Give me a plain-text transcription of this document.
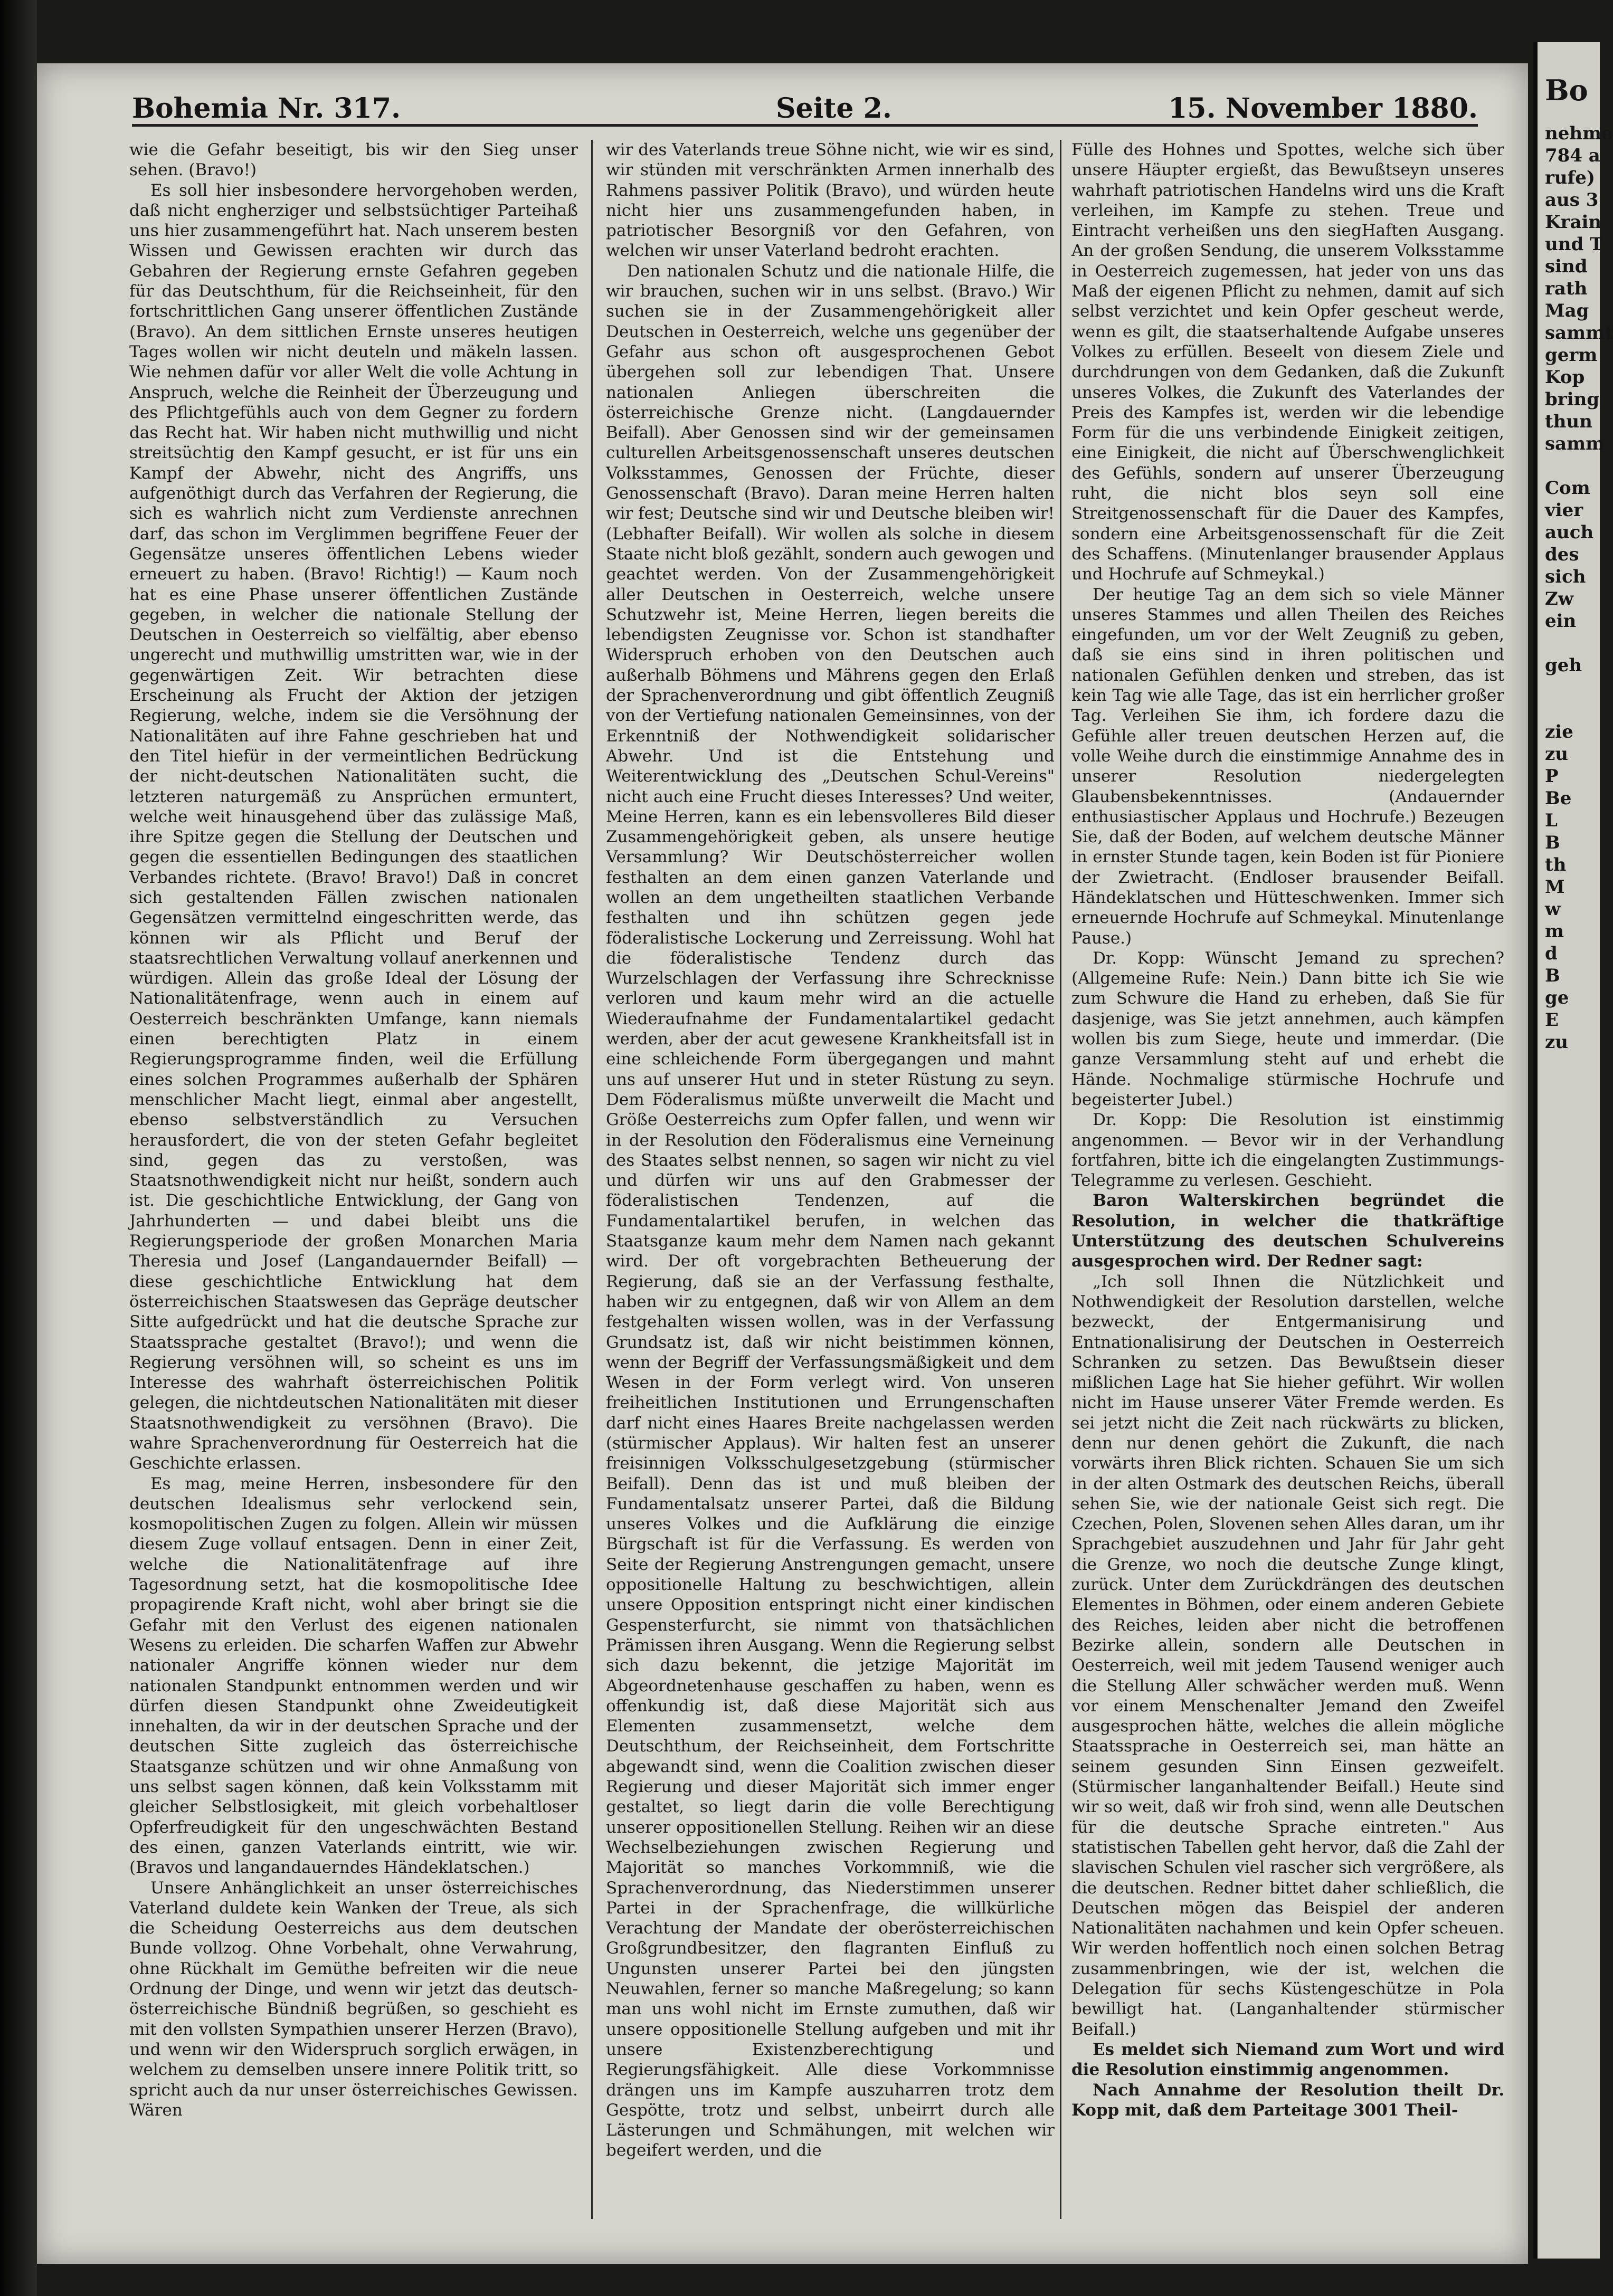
Bohemia Nr. 317.	Seite 2.	15. November 1880.

wie die Gefahr beseitigt, bis wir den Sieg unser sehen. (Bravo!)

Es soll hier insbesondere hervorgehoben werden, daß nicht engherziger und selbstsüchtiger Parteihaß uns hier zusammengeführt hat. Nach unserem besten Wissen und Gewissen erachten wir durch das Gebahren der Regierung ernste Gefahren gegeben für das Deutschthum, für die Reichseinheit, für den fortschrittlichen Gang unserer öffentlichen Zustände (Bravo). An dem sittlichen Ernste unseres heutigen Tages wollen wir nicht deuteln und mäkeln lassen. Wie nehmen dafür vor aller Welt die volle Achtung in Anspruch, welche die Reinheit der Überzeugung und des Pflichtgefühls auch von dem Gegner zu fordern das Recht hat. Wir haben nicht muthwillig und nicht streitsüchtig den Kampf gesucht, er ist für uns ein Kampf der Abwehr, nicht des Angriffs, uns aufgenöthigt durch das Verfahren der Regierung, die sich es wahrlich nicht zum Verdienste anrechnen darf, das schon im Verglimmen begriffene Feuer der Gegensätze unseres öffentlichen Lebens wieder erneuert zu haben. (Bravo! Richtig!) — Kaum noch hat es eine Phase unserer öffentlichen Zustände gegeben, in welcher die nationale Stellung der Deutschen in Oesterreich so vielfältig, aber ebenso ungerecht und muthwillig umstritten war, wie in der gegenwärtigen Zeit. Wir betrachten diese Erscheinung als Frucht der Aktion der jetzigen Regierung, welche, indem sie die Versöhnung der Nationalitäten auf ihre Fahne geschrieben hat und den Titel hiefür in der vermeintlichen Bedrückung der nicht-deutschen Nationalitäten sucht, die letzteren naturgemäß zu Ansprüchen ermuntert, welche weit hinausgehend über das zulässige Maß, ihre Spitze gegen die Stellung der Deutschen und gegen die essentiellen Bedingungen des staatlichen Verbandes richtete. (Bravo! Bravo!) Daß in concret sich gestaltenden Fällen zwischen nationalen Gegensätzen vermittelnd eingeschritten werde, das können wir als Pflicht und Beruf der staatsrechtlichen Verwaltung vollauf anerkennen und würdigen. Allein das große Ideal der Lösung der Nationalitätenfrage, wenn auch in einem auf Oesterreich beschränkten Umfange, kann niemals einen berechtigten Platz in einem Regierungsprogramme finden, weil die Erfüllung eines solchen Programmes außerhalb der Sphären menschlicher Macht liegt, einmal aber angestellt, ebenso selbstverständlich zu Versuchen herausfordert, die von der steten Gefahr begleitet sind, gegen das zu verstoßen, was Staatsnothwendigkeit nicht nur heißt, sondern auch ist. Die geschichtliche Entwicklung, der Gang von Jahrhunderten — und dabei bleibt uns die Regierungsperiode der großen Monarchen Maria Theresia und Josef (Langandauernder Beifall) — diese geschichtliche Entwicklung hat dem österreichischen Staatswesen das Gepräge deutscher Sitte aufgedrückt und hat die deutsche Sprache zur Staatssprache gestaltet (Bravo!); und wenn die Regierung versöhnen will, so scheint es uns im Interesse des wahrhaft österreichischen Politik gelegen, die nichtdeutschen Nationalitäten mit dieser Staatsnothwendigkeit zu versöhnen (Bravo). Die wahre Sprachenverordnung für Oesterreich hat die Geschichte erlassen.

Es mag, meine Herren, insbesondere für den deutschen Idealismus sehr verlockend sein, kosmopolitischen Zugen zu folgen. Allein wir müssen diesem Zuge vollauf entsagen. Denn in einer Zeit, welche die Nationalitätenfrage auf ihre Tagesordnung setzt, hat die kosmopolitische Idee propagirende Kraft nicht, wohl aber bringt sie die Gefahr mit den Verlust des eigenen nationalen Wesens zu erleiden. Die scharfen Waffen zur Abwehr nationaler Angriffe können wieder nur dem nationalen Standpunkt entnommen werden und wir dürfen diesen Standpunkt ohne Zweideutigkeit innehalten, da wir in der deutschen Sprache und der deutschen Sitte zugleich das österreichische Staatsganze schützen und wir ohne Anmaßung von uns selbst sagen können, daß kein Volksstamm mit gleicher Selbstlosigkeit, mit gleich vorbehaltloser Opferfreudigkeit für den ungeschwächten Bestand des einen, ganzen Vaterlands eintritt, wie wir. (Bravos und langandauerndes Händeklatschen.)

Unsere Anhänglichkeit an unser österreichisches Vaterland duldete kein Wanken der Treue, als sich die Scheidung Oesterreichs aus dem deutschen Bunde vollzog. Ohne Vorbehalt, ohne Verwahrung, ohne Rückhalt im Gemüthe befreiten wir die neue Ordnung der Dinge, und wenn wir jetzt das deutsch-österreichische Bündniß begrüßen, so geschieht es mit den vollsten Sympathien unserer Herzen (Bravo), und wenn wir den Widerspruch sorglich erwägen, in welchem zu demselben unsere innere Politik tritt, so spricht auch da nur unser österreichisches Gewissen. Wären

wir des Vaterlands treue Söhne nicht, wie wir es sind, wir stünden mit verschränkten Armen innerhalb des Rahmens passiver Politik (Bravo), und würden heute nicht hier uns zusammengefunden haben, in patriotischer Besorgniß vor den Gefahren, von welchen wir unser Vaterland bedroht erachten.

Den nationalen Schutz und die nationale Hilfe, die wir brauchen, suchen wir in uns selbst. (Bravo.) Wir suchen sie in der Zusammengehörigkeit aller Deutschen in Oesterreich, welche uns gegenüber der Gefahr aus schon oft ausgesprochenen Gebot übergehen soll zur lebendigen That. Unsere nationalen Anliegen überschreiten die österreichische Grenze nicht. (Langdauernder Beifall). Aber Genossen sind wir der gemeinsamen culturellen Arbeitsgenossenschaft unseres deutschen Volksstammes, Genossen der Früchte, dieser Genossenschaft (Bravo). Daran meine Herren halten wir fest; Deutsche sind wir und Deutsche bleiben wir! (Lebhafter Beifall). Wir wollen als solche in diesem Staate nicht bloß gezählt, sondern auch gewogen und geachtet werden. Von der Zusammengehörigkeit aller Deutschen in Oesterreich, welche unsere Schutzwehr ist, Meine Herren, liegen bereits die lebendigsten Zeugnisse vor. Schon ist standhafter Widerspruch erhoben von den Deutschen auch außerhalb Böhmens und Mährens gegen den Erlaß der Sprachenverordnung und gibt öffentlich Zeugniß von der Vertiefung nationalen Gemeinsinnes, von der Erkenntniß der Nothwendigkeit solidarischer Abwehr. Und ist die Entstehung und Weiterentwicklung des „Deutschen Schul-Vereins" nicht auch eine Frucht dieses Interesses? Und weiter, Meine Herren, kann es ein lebensvolleres Bild dieser Zusammengehörigkeit geben, als unsere heutige Versammlung? Wir Deutschösterreicher wollen festhalten an dem einen ganzen Vaterlande und wollen an dem ungetheilten staatlichen Verbande festhalten und ihn schützen gegen jede föderalistische Lockerung und Zerreissung. Wohl hat die föderalistische Tendenz durch das Wurzelschlagen der Verfassung ihre Schrecknisse verloren und kaum mehr wird an die actuelle Wiederaufnahme der Fundamentalartikel gedacht werden, aber der acut gewesene Krankheitsfall ist in eine schleichende Form übergegangen und mahnt uns auf unserer Hut und in steter Rüstung zu seyn. Dem Föderalismus müßte unverweilt die Macht und Größe Oesterreichs zum Opfer fallen, und wenn wir in der Resolution den Föderalismus eine Verneinung des Staates selbst nennen, so sagen wir nicht zu viel und dürfen wir uns auf den Grabmesser der föderalistischen Tendenzen, auf die Fundamentalartikel berufen, in welchen das Staatsganze kaum mehr dem Namen nach gekannt wird. Der oft vorgebrachten Betheuerung der Regierung, daß sie an der Verfassung festhalte, haben wir zu entgegnen, daß wir von Allem an dem festgehalten wissen wollen, was in der Verfassung Grundsatz ist, daß wir nicht beistimmen können, wenn der Begriff der Verfassungsmäßigkeit und dem Wesen in der Form verlegt wird. Von unseren freiheitlichen Institutionen und Errungenschaften darf nicht eines Haares Breite nachgelassen werden (stürmischer Applaus). Wir halten fest an unserer freisinnigen Volksschulgesetzgebung (stürmischer Beifall). Denn das ist und muß bleiben der Fundamentalsatz unserer Partei, daß die Bildung unseres Volkes und die Aufklärung die einzige Bürgschaft ist für die Verfassung. Es werden von Seite der Regierung Anstrengungen gemacht, unsere oppositionelle Haltung zu beschwichtigen, allein unsere Opposition entspringt nicht einer kindischen Gespensterfurcht, sie nimmt von thatsächlichen Prämissen ihren Ausgang. Wenn die Regierung selbst sich dazu bekennt, die jetzige Majorität im Abgeordnetenhause geschaffen zu haben, wenn es offenkundig ist, daß diese Majorität sich aus Elementen zusammensetzt, welche dem Deutschthum, der Reichseinheit, dem Fortschritte abgewandt sind, wenn die Coalition zwischen dieser Regierung und dieser Majorität sich immer enger gestaltet, so liegt darin die volle Berechtigung unserer oppositionellen Stellung. Reihen wir an diese Wechselbeziehungen zwischen Regierung und Majorität so manches Vorkommniß, wie die Sprachenverordnung, das Niederstimmen unserer Partei in der Sprachenfrage, die willkürliche Verachtung der Mandate der oberösterreichischen Großgrundbesitzer, den flagranten Einfluß zu Ungunsten unserer Partei bei den jüngsten Neuwahlen, ferner so manche Maßregelung; so kann man uns wohl nicht im Ernste zumuthen, daß wir unsere oppositionelle Stellung aufgeben und mit ihr unsere Existenzberechtigung und Regierungsfähigkeit. Alle diese Vorkommnisse drängen uns im Kampfe auszuharren trotz dem Gespötte, trotz und selbst, unbeirrt durch alle Lästerungen und Schmähungen, mit welchen wir begeifert werden, und die

Fülle des Hohnes und Spottes, welche sich über unsere Häupter ergießt, das Bewußtseyn unseres wahrhaft patriotischen Handelns wird uns die Kraft verleihen, im Kampfe zu stehen. Treue und Eintracht verheißen uns den siegHaften Ausgang. An der großen Sendung, die unserem Volksstamme in Oesterreich zugemessen, hat jeder von uns das Maß der eigenen Pflicht zu nehmen, damit auf sich selbst verzichtet und kein Opfer gescheut werde, wenn es gilt, die staatserhaltende Aufgabe unseres Volkes zu erfüllen. Beseelt von diesem Ziele und durchdrungen von dem Gedanken, daß die Zukunft unseres Volkes, die Zukunft des Vaterlandes der Preis des Kampfes ist, werden wir die lebendige Form für die uns verbindende Einigkeit zeitigen, eine Einigkeit, die nicht auf Überschwenglichkeit des Gefühls, sondern auf unserer Überzeugung ruht, die nicht blos seyn soll eine Streitgenossenschaft für die Dauer des Kampfes, sondern eine Arbeitsgenossenschaft für die Zeit des Schaffens. (Minutenlanger brausender Applaus und Hochrufe auf Schmeykal.)

Der heutige Tag an dem sich so viele Männer unseres Stammes und allen Theilen des Reiches eingefunden, um vor der Welt Zeugniß zu geben, daß sie eins sind in ihren politischen und nationalen Gefühlen denken und streben, das ist kein Tag wie alle Tage, das ist ein herrlicher großer Tag. Verleihen Sie ihm, ich fordere dazu die Gefühle aller treuen deutschen Herzen auf, die volle Weihe durch die einstimmige Annahme des in unserer Resolution niedergelegten Glaubensbekenntnisses. (Andauernder enthusiastischer Applaus und Hochrufe.) Bezeugen Sie, daß der Boden, auf welchem deutsche Männer in ernster Stunde tagen, kein Boden ist für Pioniere der Zwietracht. (Endloser brausender Beifall. Händeklatschen und Hütteschwenken. Immer sich erneuernde Hochrufe auf Schmeykal. Minutenlange Pause.)

Dr. Kopp: Wünscht Jemand zu sprechen? (Allgemeine Rufe: Nein.) Dann bitte ich Sie wie zum Schwure die Hand zu erheben, daß Sie für dasjenige, was Sie jetzt annehmen, auch kämpfen wollen bis zum Siege, heute und immerdar. (Die ganze Versammlung steht auf und erhebt die Hände. Nochmalige stürmische Hochrufe und begeisterter Jubel.)

Dr. Kopp: Die Resolution ist einstimmig angenommen. — Bevor wir in der Verhandlung fortfahren, bitte ich die eingelangten Zustimmungs-Telegramme zu verlesen. Geschieht.

Baron Walterskirchen begründet die Resolution, in welcher die thatkräftige Unterstützung des deutschen Schulvereins ausgesprochen wird. Der Redner sagt:

„Ich soll Ihnen die Nützlichkeit und Nothwendigkeit der Resolution darstellen, welche bezweckt, der Entgermanisirung und Entnationalisirung der Deutschen in Oesterreich Schranken zu setzen. Das Bewußtsein dieser mißlichen Lage hat Sie hieher geführt. Wir wollen nicht im Hause unserer Väter Fremde werden. Es sei jetzt nicht die Zeit nach rückwärts zu blicken, denn nur denen gehört die Zukunft, die nach vorwärts ihren Blick richten. Schauen Sie um sich in der alten Ostmark des deutschen Reichs, überall sehen Sie, wie der nationale Geist sich regt. Die Czechen, Polen, Slovenen sehen Alles daran, um ihr Sprachgebiet auszudehnen und Jahr für Jahr geht die Grenze, wo noch die deutsche Zunge klingt, zurück. Unter dem Zurückdrängen des deutschen Elementes in Böhmen, oder einem anderen Gebiete des Reiches, leiden aber nicht die betroffenen Bezirke allein, sondern alle Deutschen in Oesterreich, weil mit jedem Tausend weniger auch die Stellung Aller schwächer werden muß. Wenn vor einem Menschenalter Jemand den Zweifel ausgesprochen hätte, welches die allein mögliche Staatssprache in Oesterreich sei, man hätte an seinem gesunden Sinn Einsen gezweifelt. (Stürmischer langanhaltender Beifall.) Heute sind wir so weit, daß wir froh sind, wenn alle Deutschen für die deutsche Sprache eintreten." Aus statistischen Tabellen geht hervor, daß die Zahl der slavischen Schulen viel rascher sich vergrößere, als die deutschen. Redner bittet daher schließlich, die Deutschen mögen das Beispiel der anderen Nationalitäten nachahmen und kein Opfer scheuen. Wir werden hoffentlich noch einen solchen Betrag zusammenbringen, wie der ist, welchen die Delegation für sechs Küstengeschütze in Pola bewilligt hat. (Langanhaltender stürmischer Beifall.)

Es meldet sich Niemand zum Wort und wird die Resolution einstimmig angenommen.

Nach Annahme der Resolution theilt Dr. Kopp mit, daß dem Parteitage 3001 Theil-

Bo
nehme
784 a
rufe)
aus 3
Krain
und T
sind
rath
Mag
sammt
germ
Kop
bring
thun
samm

Com
vier
auch
des
sich
Zw
ein

geh

zie
zu
P
Be
L
B
th
M
w
m
d
B
ge
E
zu
